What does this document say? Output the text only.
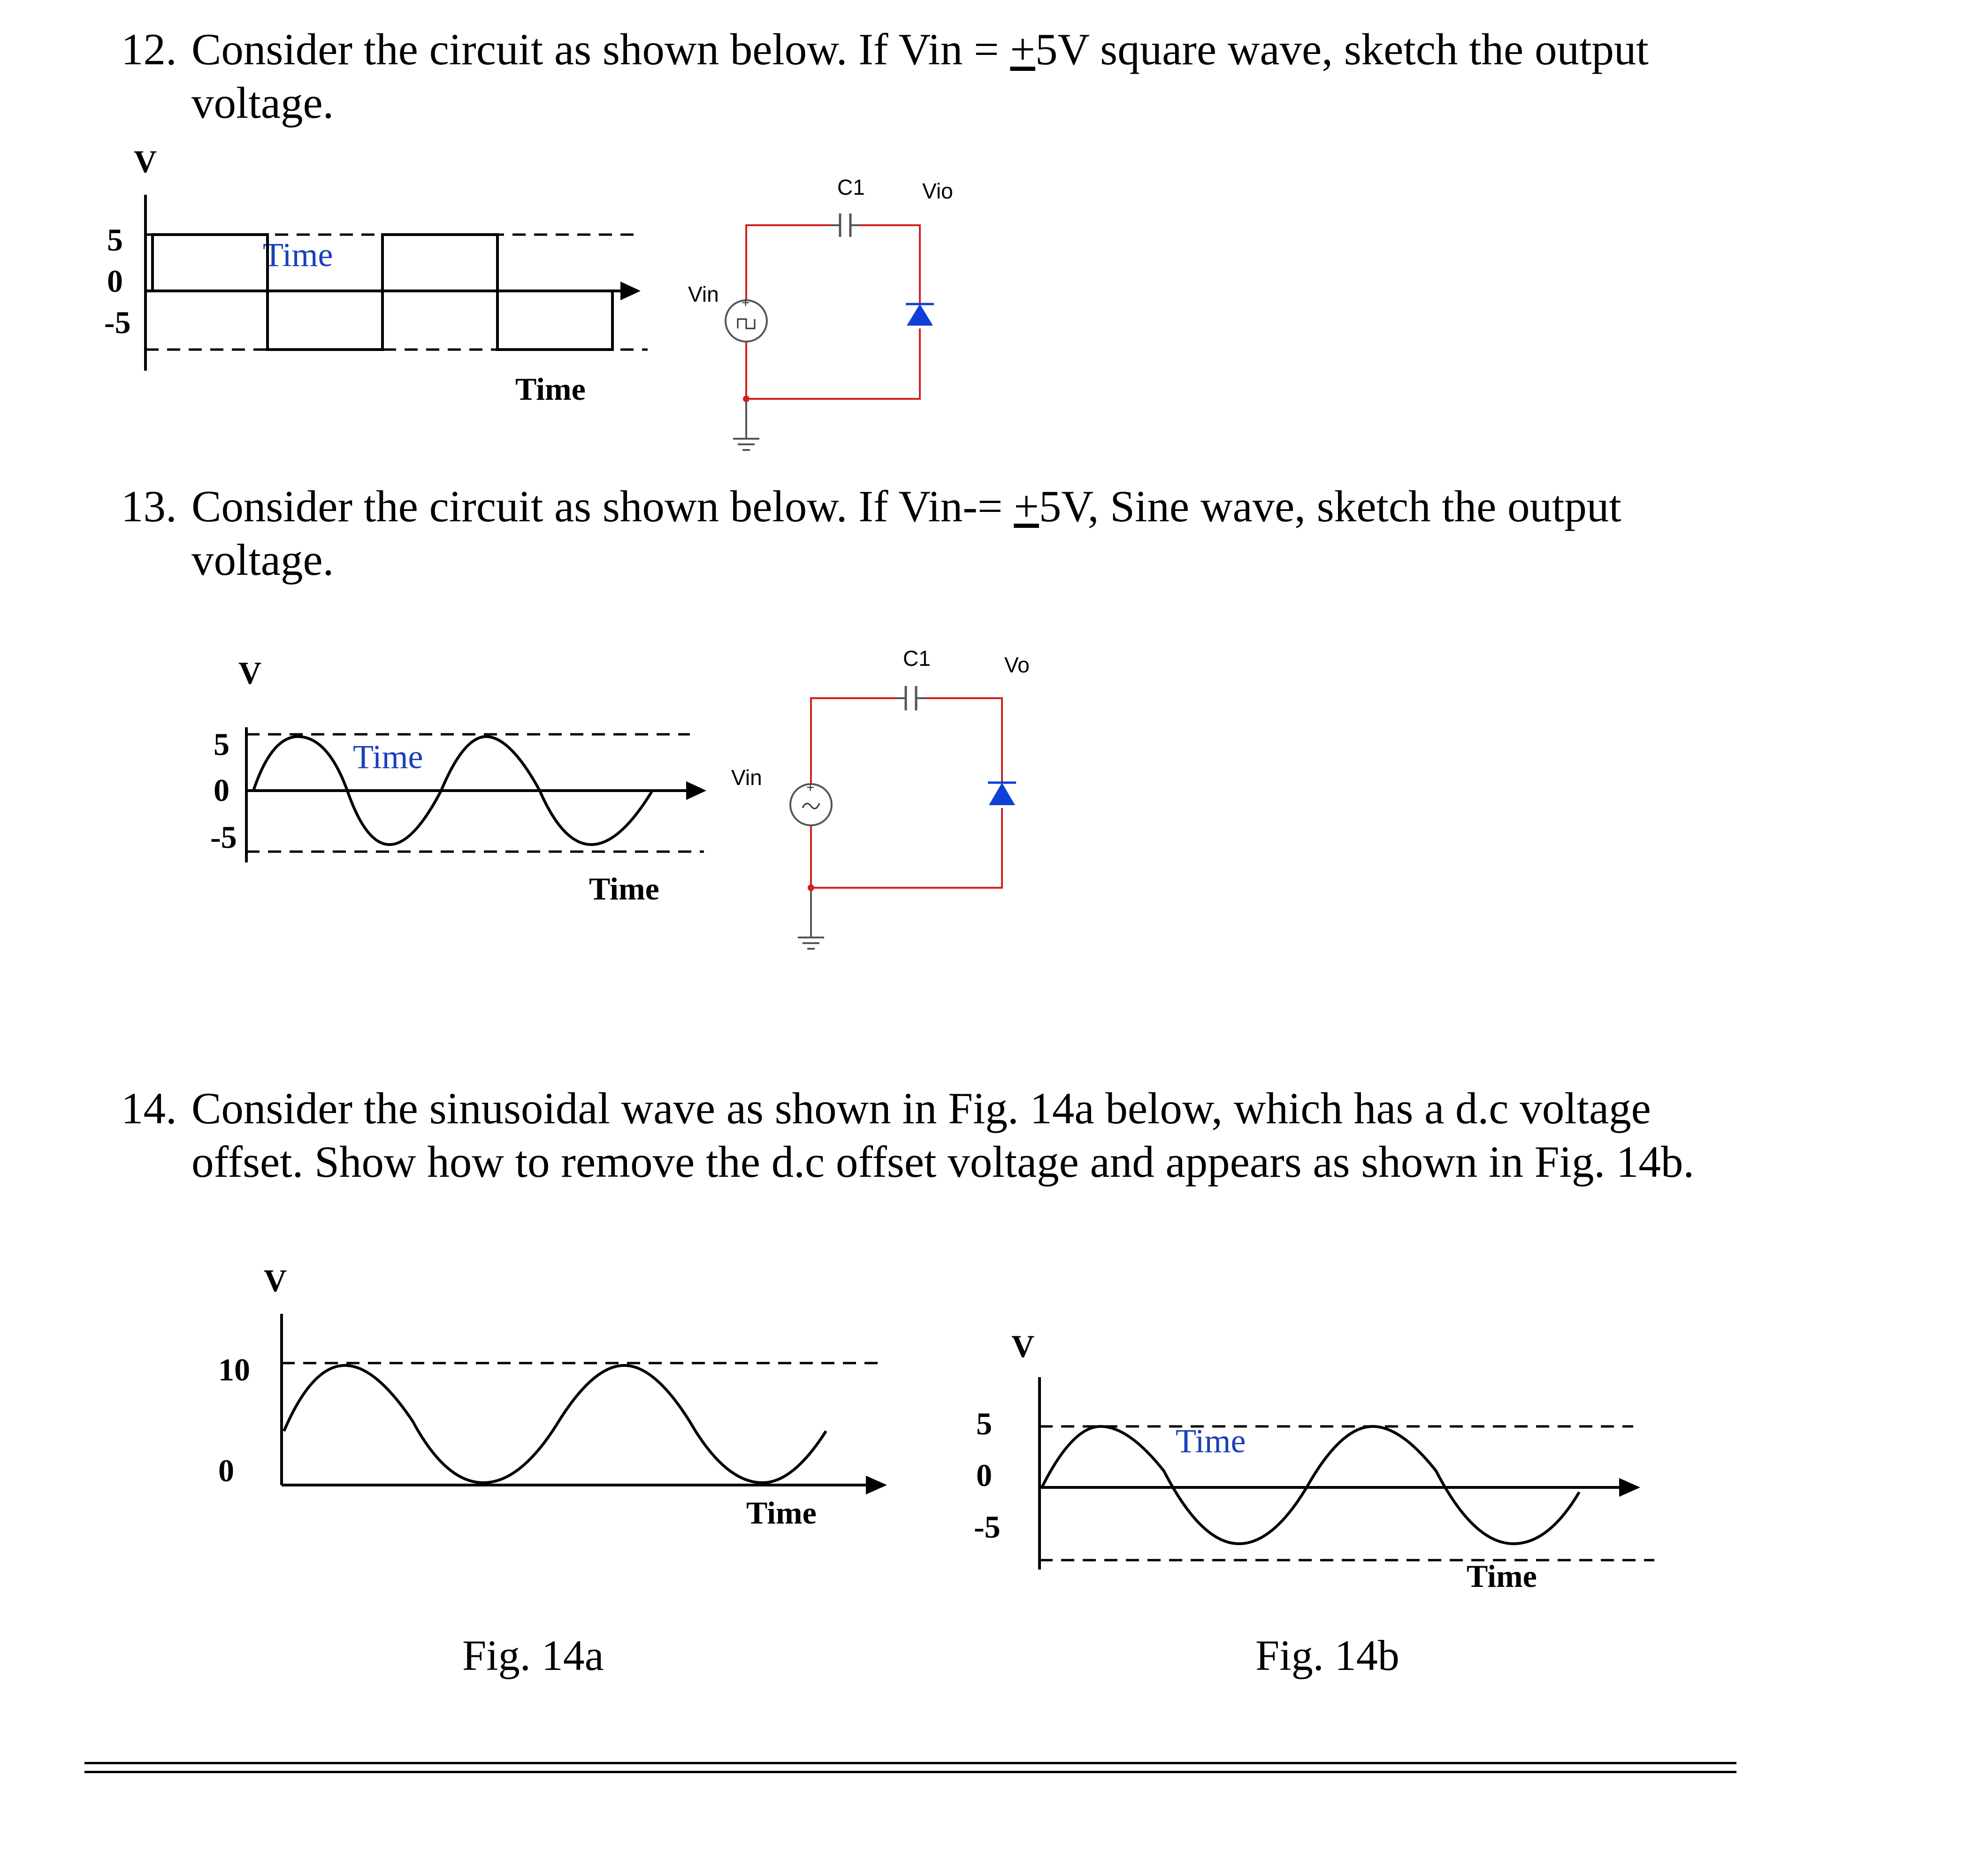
12. Consider the circuit as shown below. If Vin = +5V square wave, sketch the output
voltage.

V
5
0
-5
Time
Time
C1	Vio
Vin

13. Consider the circuit as shown below. If Vin-= +5V, Sine wave, sketch the output
voltage.

V
5
0
-5
Time
Time
C1	Vo
Vin

14. Consider the sinusoidal wave as shown in Fig. 14a below, which has a d.c voltage
offset. Show how to remove the d.c offset voltage and appears as shown in Fig. 14b.

V
10
0
Time
Fig. 14a
V
5
0
-5
Time
Time
Fig. 14b
+
+
